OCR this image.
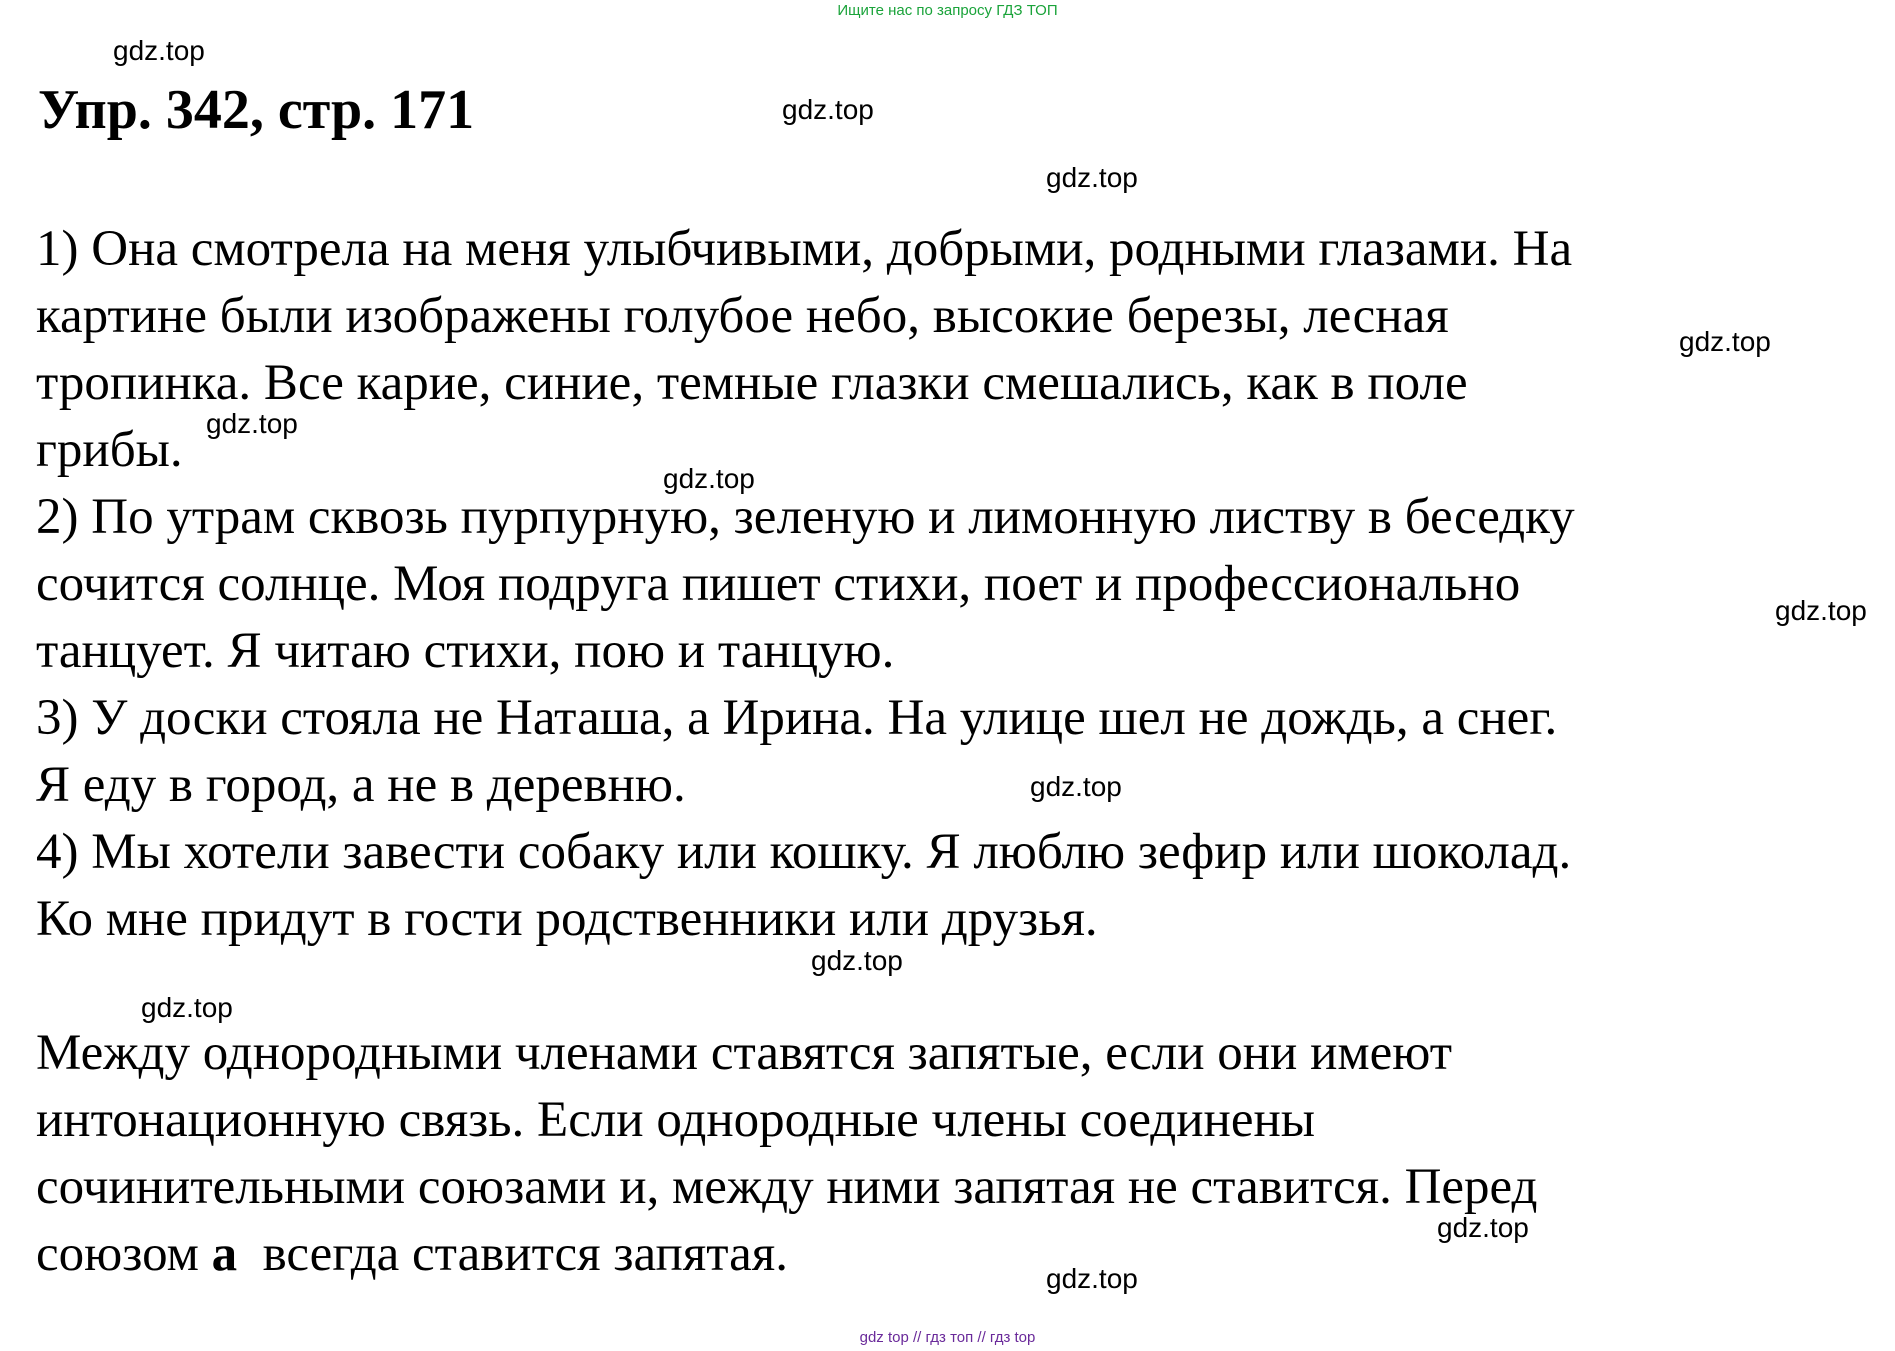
Ищите нас по запросу ГДЗ ТОП
Упр. 342, стр. 171
1) Она смотрела на меня улыбчивыми, добрыми, родными глазами. На
картине были изображены голубое небо, высокие березы, лесная
тропинка. Все карие, синие, темные глазки смешались, как в поле
грибы.
2) По утрам сквозь пурпурную, зеленую и лимонную листву в беседку
сочится солнце. Моя подруга пишет стихи, поет и профессионально
танцует. Я читаю стихи, пою и танцую.
3) У доски стояла не Наташа, а Ирина. На улице шел не дождь, а снег.
Я еду в город, а не в деревню.
4) Мы хотели завести собаку или кошку. Я люблю зефир или шоколад.
Ко мне придут в гости родственники или друзья.
Между однородными членами ставятся запятые, если они имеют
интонационную связь. Если однородные члены соединены
сочинительными союзами и, между ними запятая не ставится. Перед
союзом а  всегда ставится запятая.
gdz.top
gdz.top
gdz.top
gdz.top
gdz.top
gdz.top
gdz.top
gdz.top
gdz.top
gdz.top
gdz.top
gdz.top
gdz top // гдз топ // гдз top
